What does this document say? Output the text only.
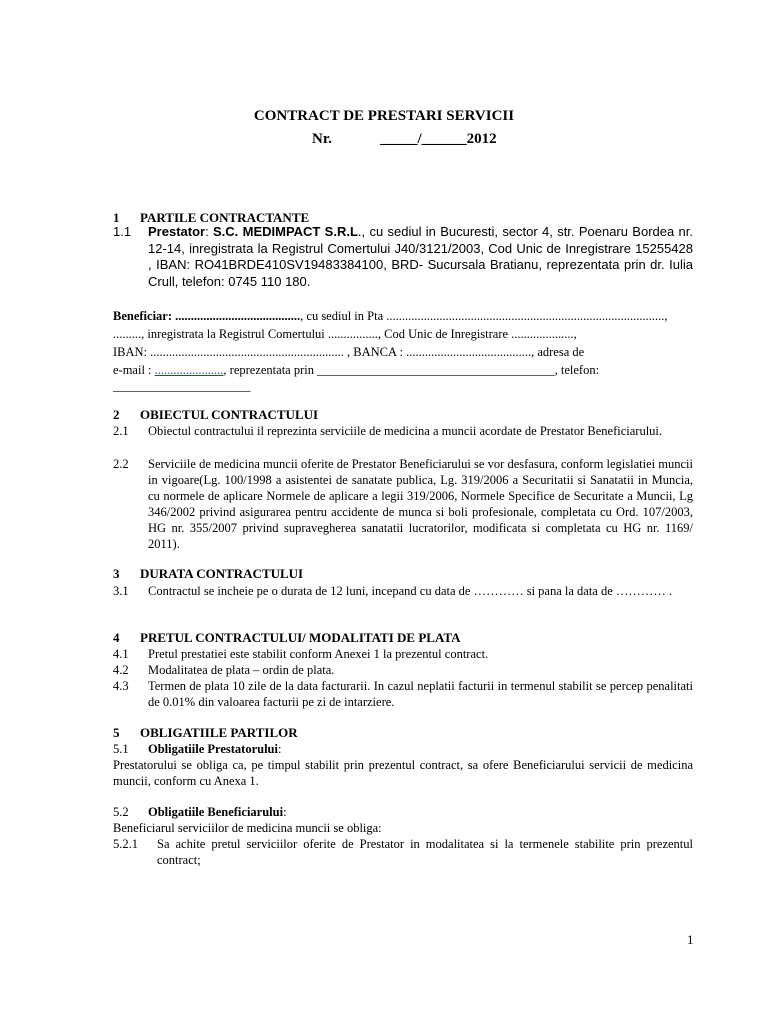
CONTRACT DE PRESTARI SERVICII
Nr.	_____/______2012
1 PARTILE CONTRACTANTE
1.1 Prestator: S.C. MEDIMPACT S.R.L., cu sediul in Bucuresti, sector 4, str. Poenaru Bordea nr. 12-14, inregistrata la Registrul Comertului J40/3121/2003, Cod Unic de Inregistrare 15255428 , IBAN: RO41BRDE410SV19483384100, BRD- Sucursala Bratianu, reprezentata prin dr. Iulia Crull, telefon: 0745 110 180.
Beneficiar: ........................................, cu sediul in Pta .........................................................................................,
........., inregistrata la Registrul Comertului ................, Cod Unic de Inregistrare ....................,
IBAN: .............................................................. , BANCA : ........................................, adresa de
e-mail : ......................, reprezentata prin ______________________________________, telefon:
______________________
2 OBIECTUL CONTRACTULUI
2.1 Obiectul contractului il reprezinta serviciile de medicina a muncii acordate de Prestator Beneficiarului.
2.2 Serviciile de medicina muncii oferite de Prestator Beneficiarului se vor desfasura, conform legislatiei muncii in vigoare(Lg. 100/1998 a asistentei de sanatate publica, Lg. 319/2006 a Securitatii si Sanatatii in Muncia, cu normele de aplicare Normele de aplicare a legii 319/2006, Normele Specifice de Securitate a Muncii, Lg 346/2002 privind asigurarea pentru accidente de munca si boli profesionale, completata cu Ord. 107/2003, HG nr. 355/2007 privind supravegherea sanatatii lucratorilor, modificata si completata cu HG nr. 1169/ 2011).
3 DURATA CONTRACTULUI
3.1 Contractul se incheie pe o durata de 12 luni, incepand cu data de ………… si pana la data de ………… .
4 PRETUL CONTRACTULUI/ MODALITATI DE PLATA
4.1 Pretul prestatiei este stabilit conform Anexei 1 la prezentul contract.
4.2 Modalitatea de plata – ordin de plata.
4.3 Termen de plata 10 zile de la data facturarii. In cazul neplatii facturii in termenul stabilit se percep penalitati de 0.01% din valoarea facturii pe zi de intarziere.
5 OBLIGATIILE PARTILOR
5.1 Obligatiile Prestatorului:
Prestatorului se obliga ca, pe timpul stabilit prin prezentul contract, sa ofere Beneficiarului servicii de medicina muncii, conform cu Anexa 1.
5.2 Obligatiile Beneficiarului:
Beneficiarul serviciilor de medicina muncii se obliga:
5.2.1 Sa achite pretul serviciilor oferite de Prestator in modalitatea si la termenele stabilite prin prezentul contract;
1
